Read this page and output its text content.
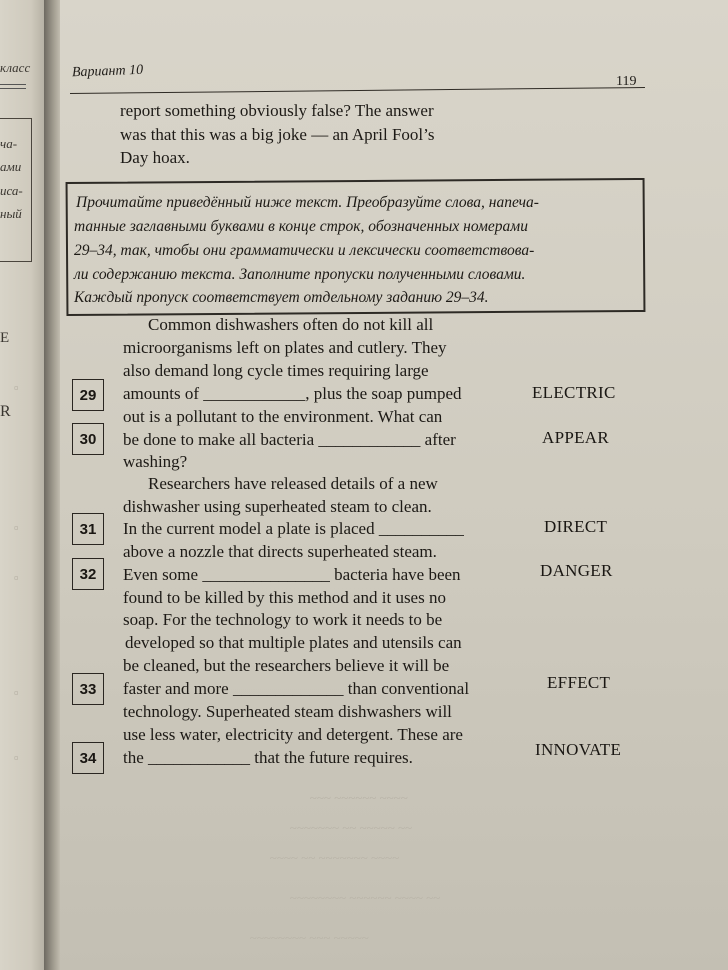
класс
ча-
ами
иса-
ный
Е
R
▫
▫
▫
▫
▫
Вариант 10
119
report something obviously false? The answer
was that this was a big joke — an April Fool’s
Day hoax.
Прочитайте приведённый ниже текст. Преобразуйте слова, напеча-
танные заглавными буквами в конце строк, обозначенных номерами
29–34, так, чтобы они грамматически и лексически соответствова-
ли содержанию текста. Заполните пропуски полученными словами.
Каждый пропуск соответствует отдельному заданию 29–34.
Common dishwashers often do not kill all
microorganisms left on plates and cutlery. They
also demand long cycle times requiring large
amounts of ____________, plus the soap pumped
out is a pollutant to the environment. What can
be done to make all bacteria ____________ after
washing?
Researchers have released details of a new
dishwasher using superheated steam to clean.
In the current model a plate is placed __________
above a nozzle that directs superheated steam.
Even some _______________ bacteria have been
found to be killed by this method and it uses no
soap. For the technology to work it needs to be
developed so that multiple plates and utensils can
be cleaned, but the researchers believe it will be
faster and more _____________ than conventional
technology. Superheated steam dishwashers will
use less water, electricity and detergent. These are
the ____________ that the future requires.
29
30
31
32
33
34
ELECTRIC
APPEAR
DIRECT
DANGER
EFFECT
INNOVATE
~~~~ ~~~~~~ ~~~
~~ ~~~~~ ~~ ~~~~~~~
~~~~ ~~~~~~~ ~~ ~~~~
~~ ~~~~ ~~~~~~ ~~~~~~~~
~~~~~ ~~~ ~~~~~~~~
